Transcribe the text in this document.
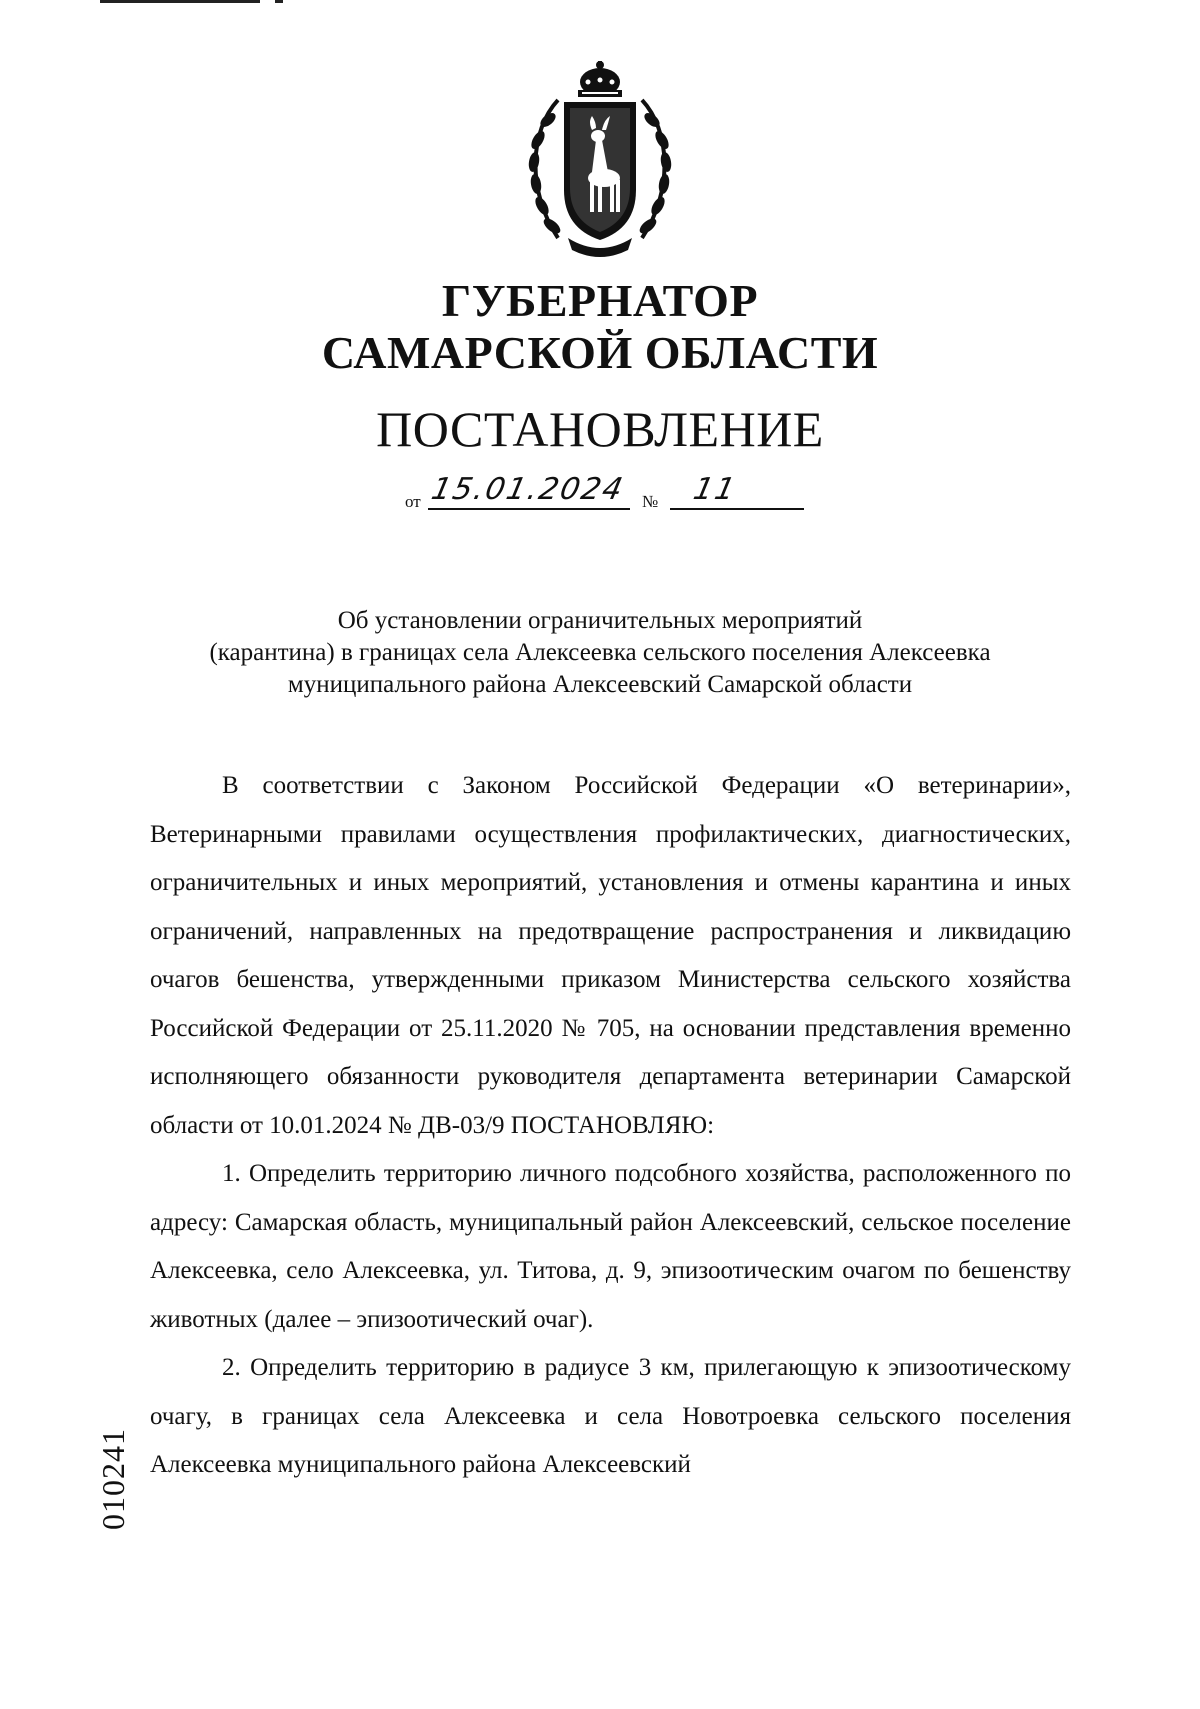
ГУБЕРНАТОР
САМАРСКОЙ ОБЛАСТИ
ПОСТАНОВЛЕНИЕ
от 15.01.2024 № 11
Об установлении ограничительных мероприятий
(карантина) в границах села Алексеевка сельского поселения Алексеевка
муниципального района Алексеевский Самарской области

В соответствии с Законом Российской Федерации «О ветеринарии», Ветеринарными правилами осуществления профилактических, диагностических, ограничительных и иных мероприятий, установления и отмены карантина и иных ограничений, направленных на предотвращение распространения и ликвидацию очагов бешенства, утвержденными приказом Министерства сельского хозяйства Российской Федерации от 25.11.2020 № 705, на основании представления временно исполняющего обязанности руководителя департамента ветеринарии Самарской области от 10.01.2024 № ДВ-03/9 ПОСТАНОВЛЯЮ:

1. Определить территорию личного подсобного хозяйства, расположенного по адресу: Самарская область, муниципальный район Алексеевский, сельское поселение Алексеевка, село Алексеевка, ул. Титова, д. 9, эпизоотическим очагом по бешенству животных (далее – эпизоотический очаг).

2. Определить территорию в радиусе 3 км, прилегающую к эпизоотическому очагу, в границах села Алексеевка и села Новотроевка сельского поселения Алексеевка муниципального района Алексеевский

010241
